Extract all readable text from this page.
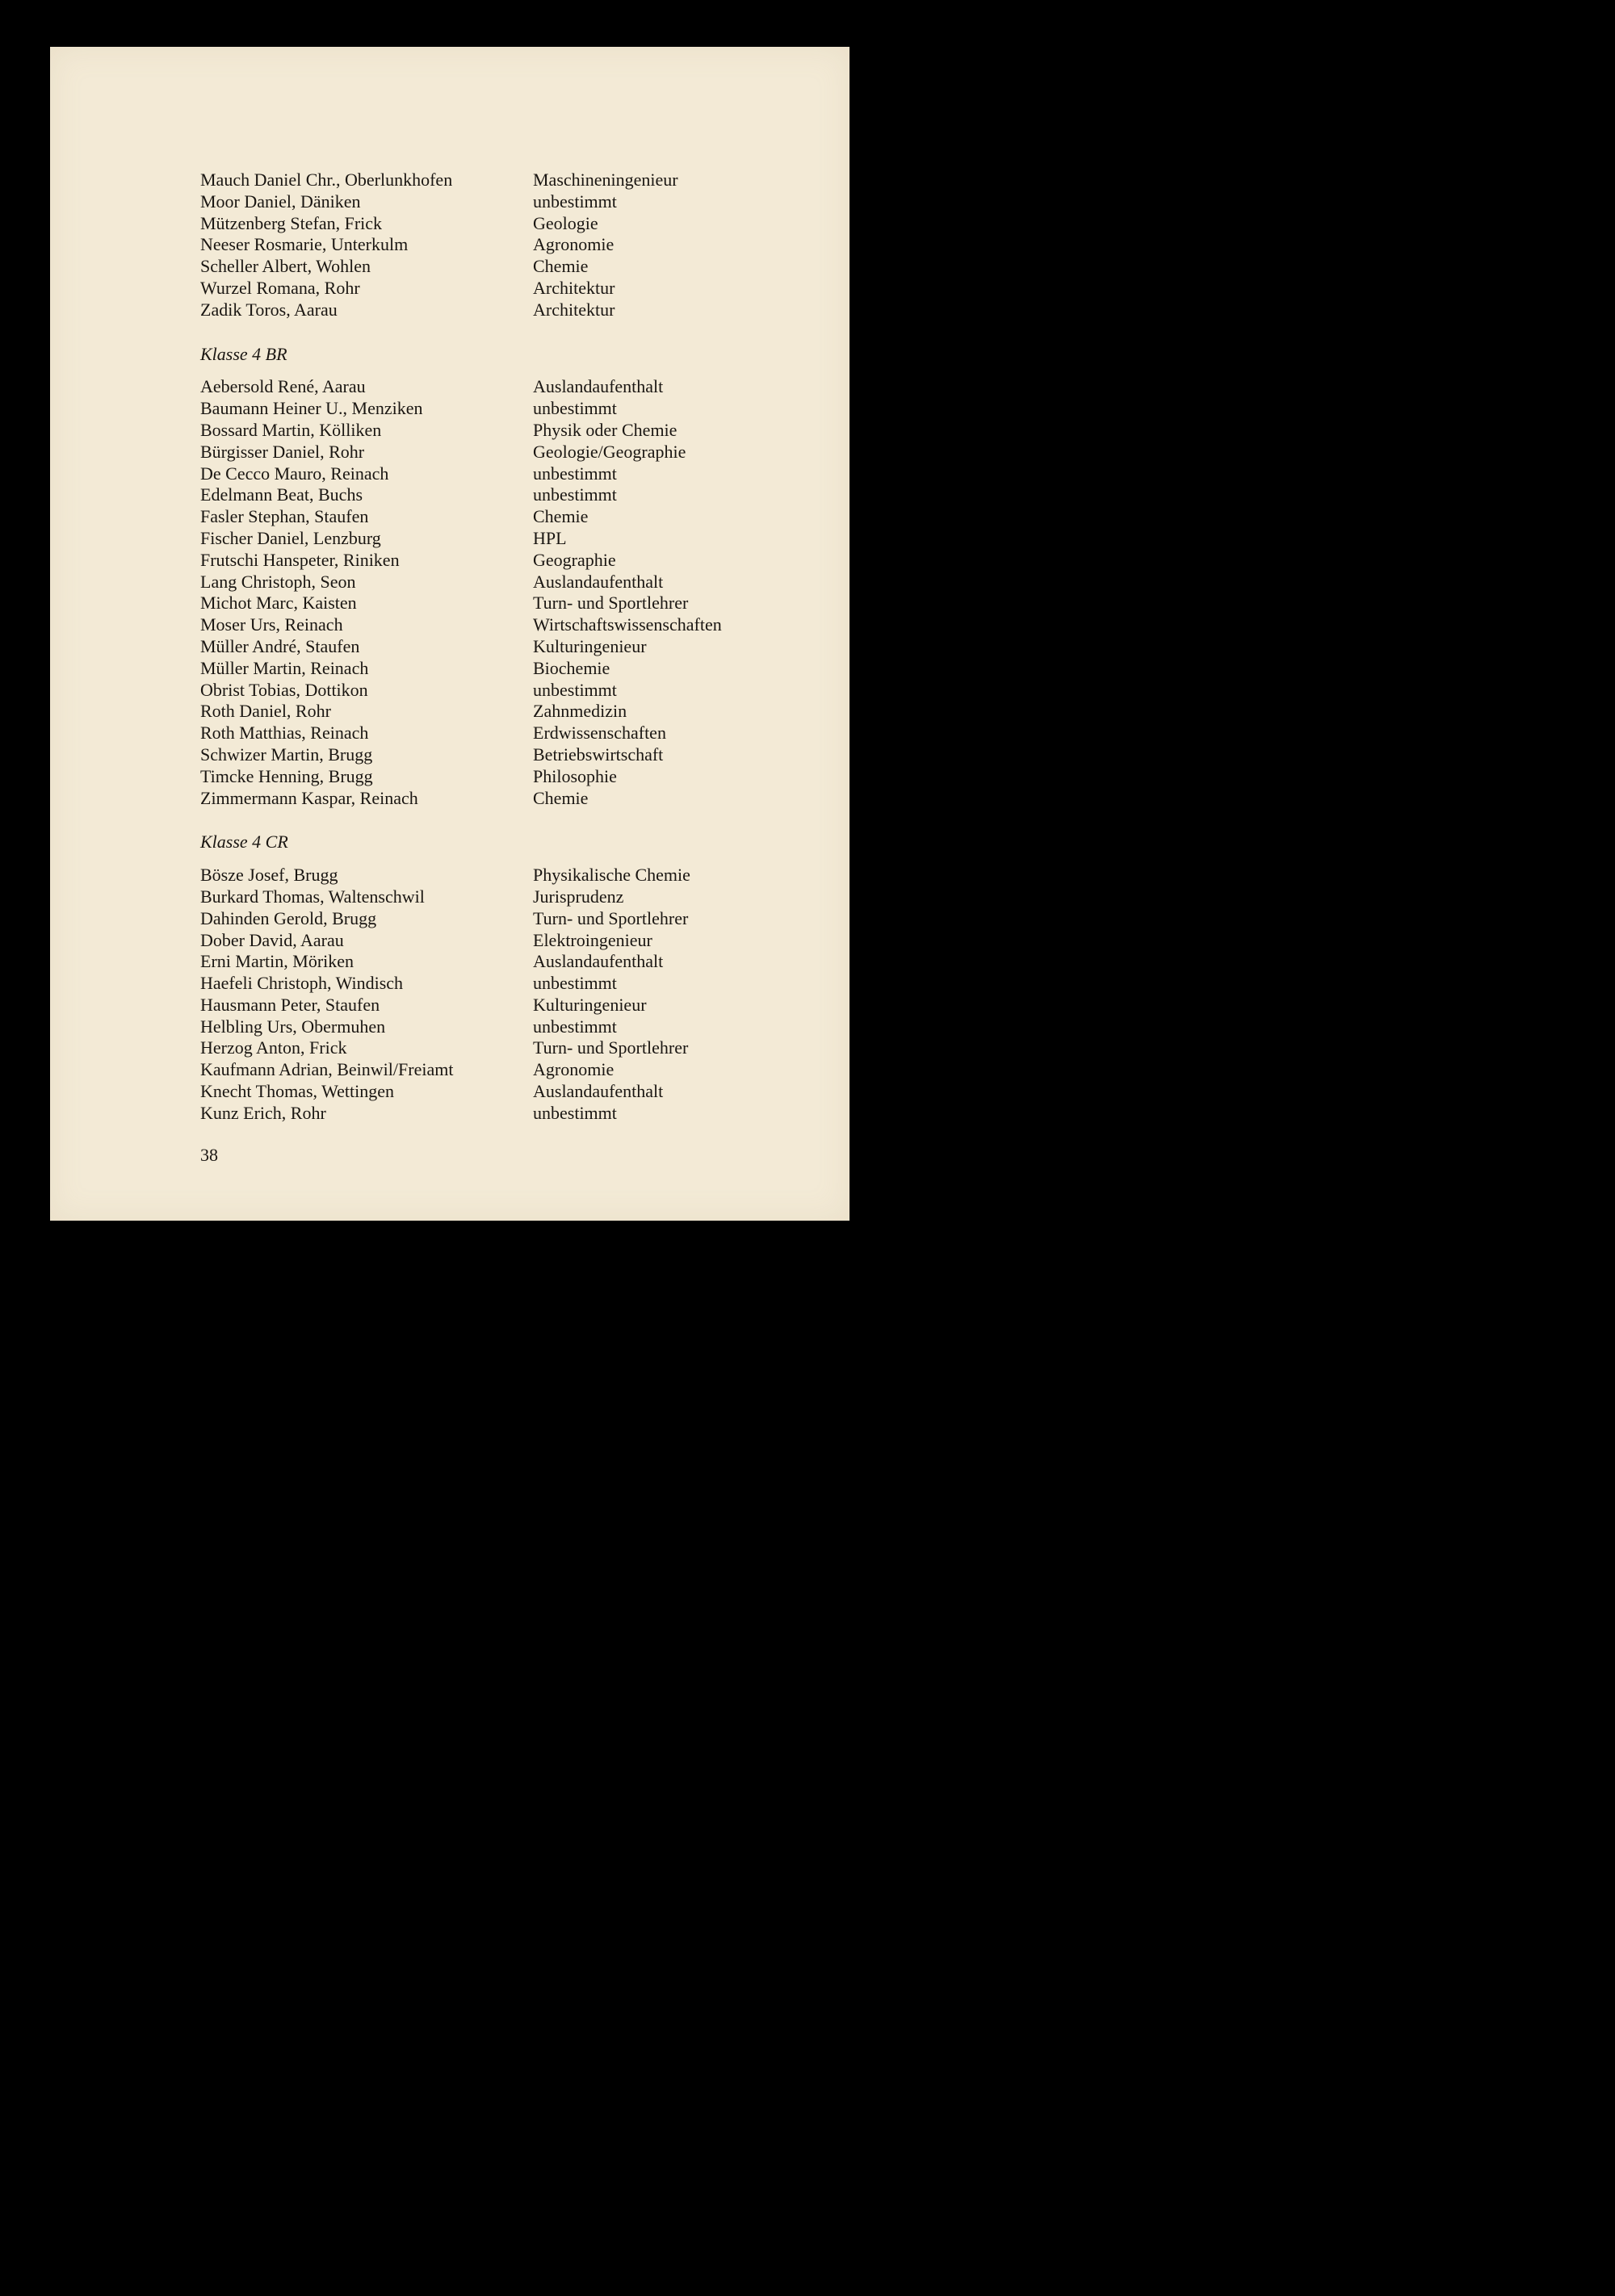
Mauch Daniel Chr., Oberlunkhofen	Maschineningenieur
Moor Daniel, Däniken	unbestimmt
Mützenberg Stefan, Frick	Geologie
Neeser Rosmarie, Unterkulm	Agronomie
Scheller Albert, Wohlen	Chemie
Wurzel Romana, Rohr	Architektur
Zadik Toros, Aarau	Architektur
Klasse 4 BR
Aebersold René, Aarau	Auslandaufenthalt
Baumann Heiner U., Menziken	unbestimmt
Bossard Martin, Kölliken	Physik oder Chemie
Bürgisser Daniel, Rohr	Geologie/Geographie
De Cecco Mauro, Reinach	unbestimmt
Edelmann Beat, Buchs	unbestimmt
Fasler Stephan, Staufen	Chemie
Fischer Daniel, Lenzburg	HPL
Frutschi Hanspeter, Riniken	Geographie
Lang Christoph, Seon	Auslandaufenthalt
Michot Marc, Kaisten	Turn- und Sportlehrer
Moser Urs, Reinach	Wirtschaftswissenschaften
Müller André, Staufen	Kulturingenieur
Müller Martin, Reinach	Biochemie
Obrist Tobias, Dottikon	unbestimmt
Roth Daniel, Rohr	Zahnmedizin
Roth Matthias, Reinach	Erdwissenschaften
Schwizer Martin, Brugg	Betriebswirtschaft
Timcke Henning, Brugg	Philosophie
Zimmermann Kaspar, Reinach	Chemie
Klasse 4 CR
Bösze Josef, Brugg	Physikalische Chemie
Burkard Thomas, Waltenschwil	Jurisprudenz
Dahinden Gerold, Brugg	Turn- und Sportlehrer
Dober David, Aarau	Elektroingenieur
Erni Martin, Möriken	Auslandaufenthalt
Haefeli Christoph, Windisch	unbestimmt
Hausmann Peter, Staufen	Kulturingenieur
Helbling Urs, Obermuhen	unbestimmt
Herzog Anton, Frick	Turn- und Sportlehrer
Kaufmann Adrian, Beinwil/Freiamt	Agronomie
Knecht Thomas, Wettingen	Auslandaufenthalt
Kunz Erich, Rohr	unbestimmt
38
